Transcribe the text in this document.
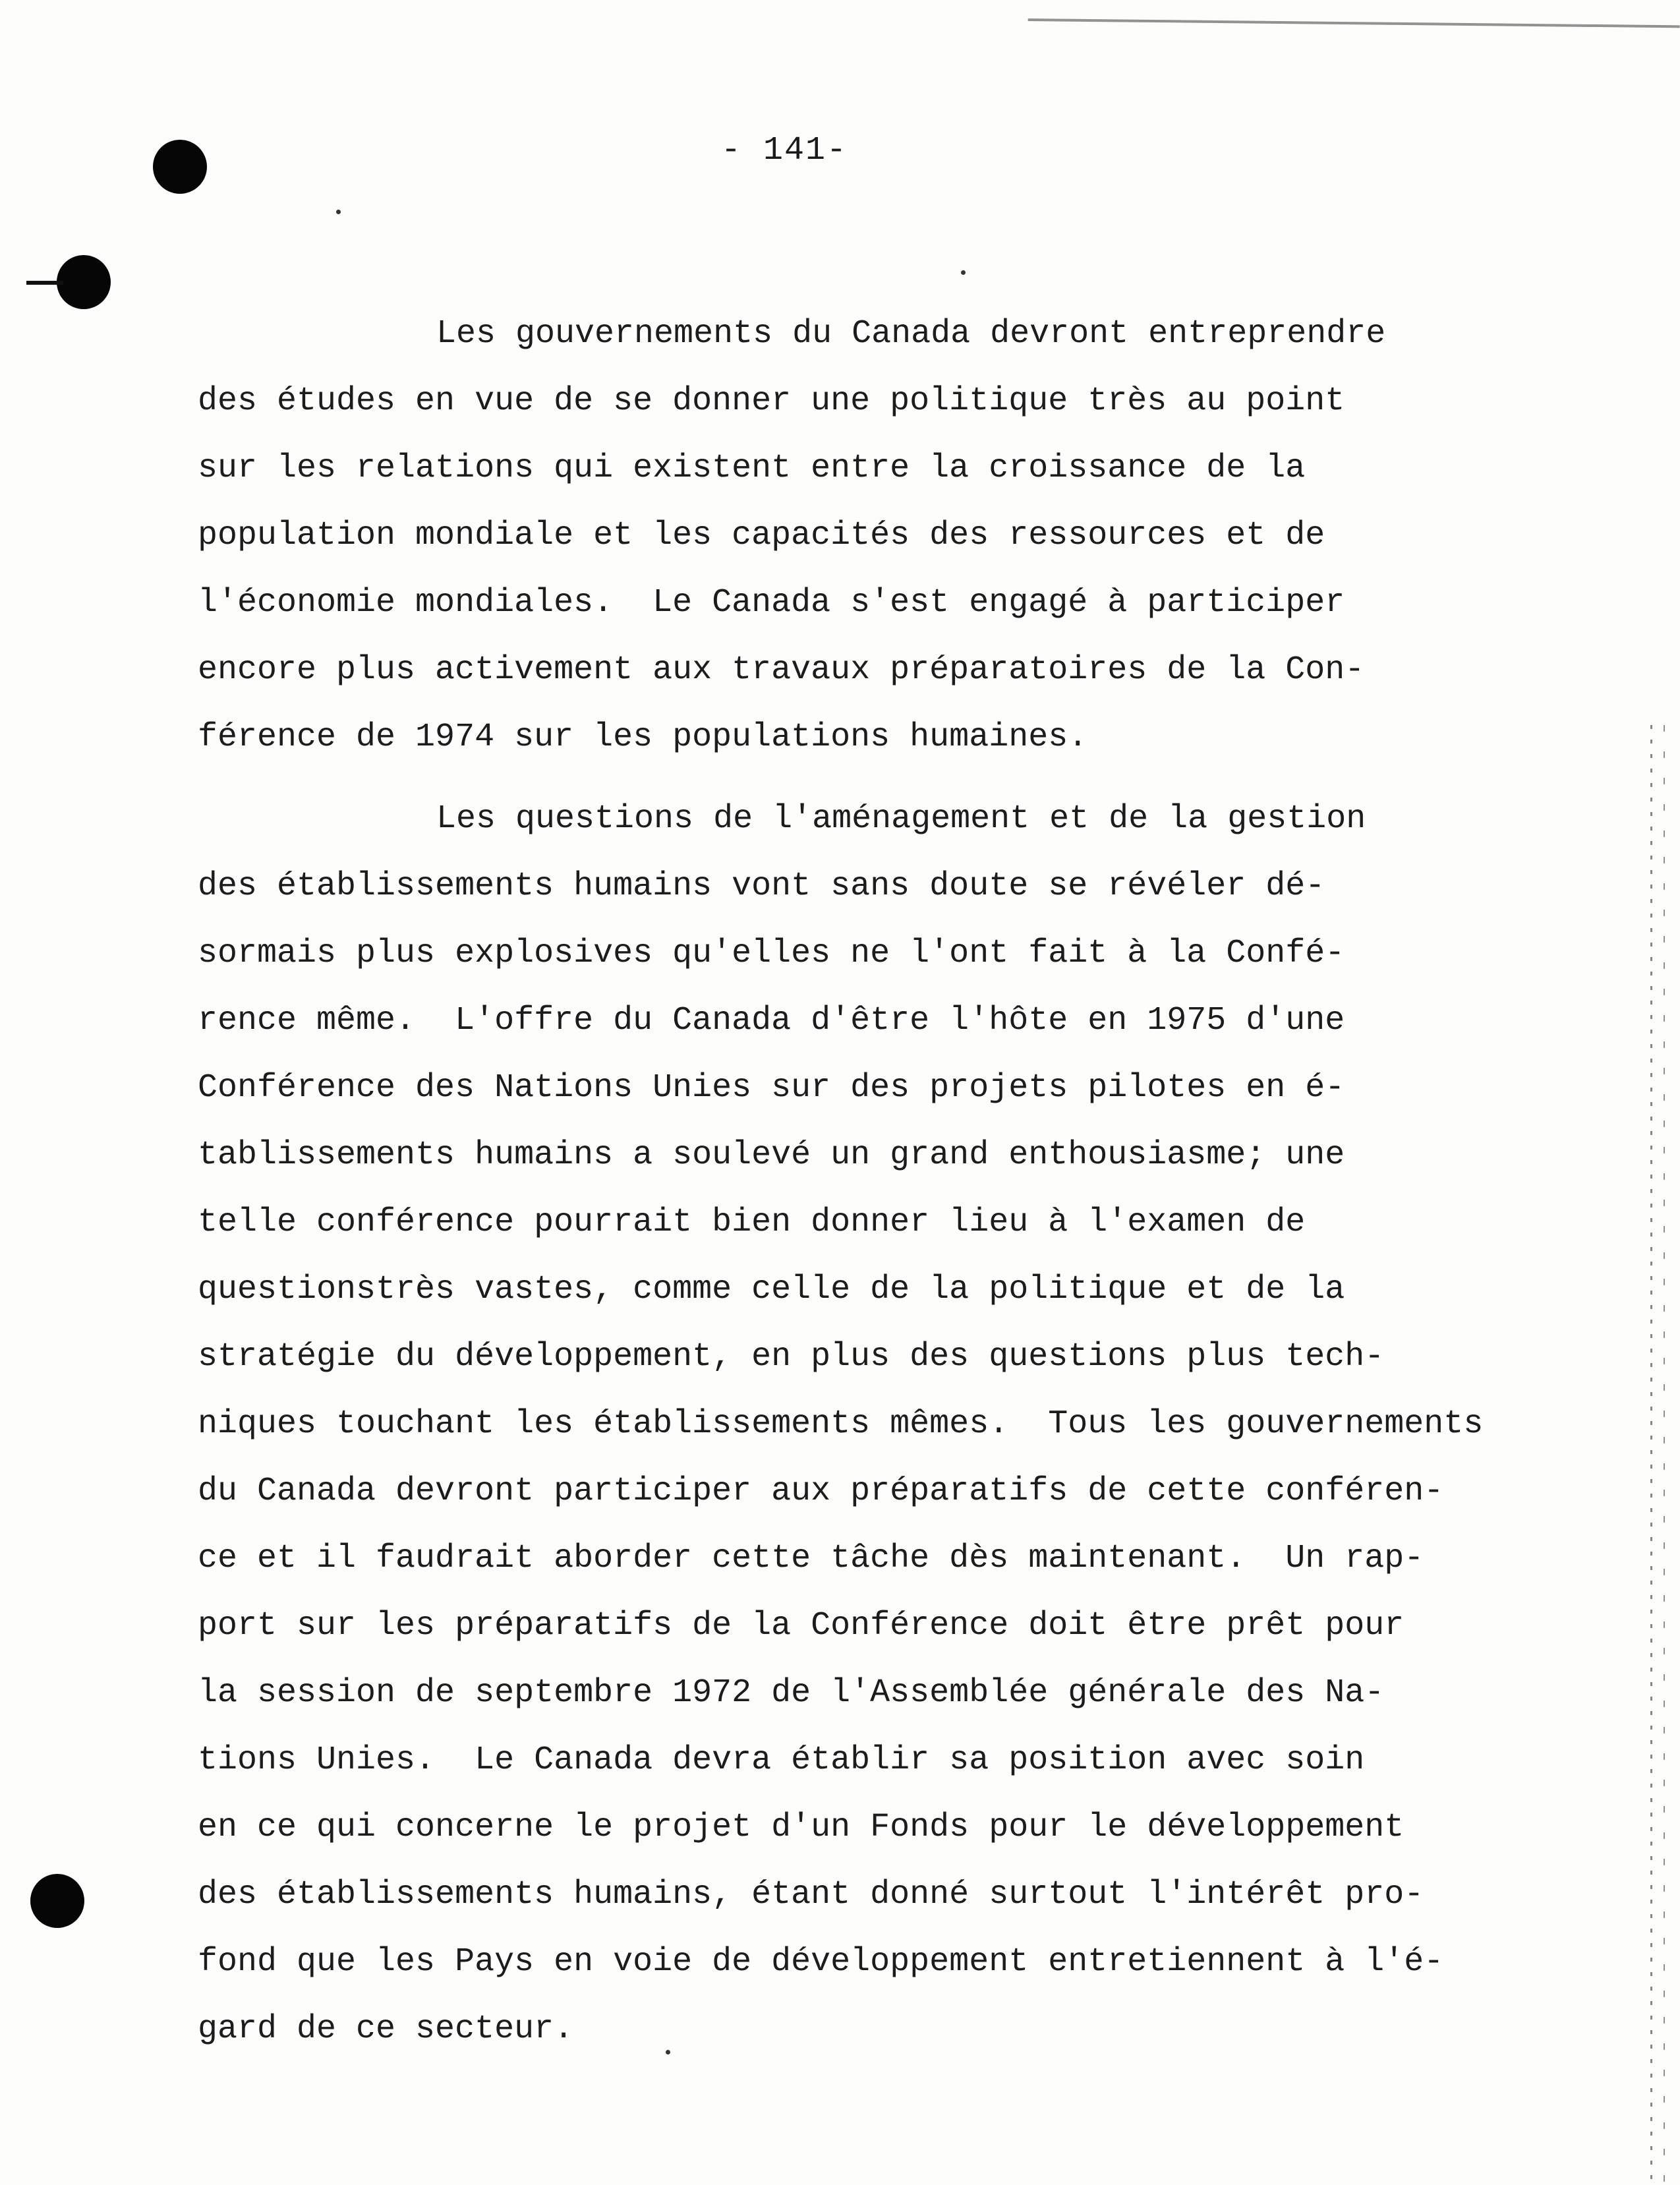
- 141-

Les gouvernements du Canada devront entreprendre
des études en vue de se donner une politique très au point
sur les relations qui existent entre la croissance de la
population mondiale et les capacités des ressources et de
l'économie mondiales.  Le Canada s'est engagé à participer
encore plus activement aux travaux préparatoires de la Con-
férence de 1974 sur les populations humaines.

Les questions de l'aménagement et de la gestion
des établissements humains vont sans doute se révéler dé-
sormais plus explosives qu'elles ne l'ont fait à la Confé-
rence même.  L'offre du Canada d'être l'hôte en 1975 d'une
Conférence des Nations Unies sur des projets pilotes en é-
tablissements humains a soulevé un grand enthousiasme; une
telle conférence pourrait bien donner lieu à l'examen de
questionstrès vastes, comme celle de la politique et de la
stratégie du développement, en plus des questions plus tech-
niques touchant les établissements mêmes.  Tous les gouvernements
du Canada devront participer aux préparatifs de cette conféren-
ce et il faudrait aborder cette tâche dès maintenant.  Un rap-
port sur les préparatifs de la Conférence doit être prêt pour
la session de septembre 1972 de l'Assemblée générale des Na-
tions Unies.  Le Canada devra établir sa position avec soin
en ce qui concerne le projet d'un Fonds pour le développement
des établissements humains, étant donné surtout l'intérêt pro-
fond que les Pays en voie de développement entretiennent à l'é-
gard de ce secteur.
